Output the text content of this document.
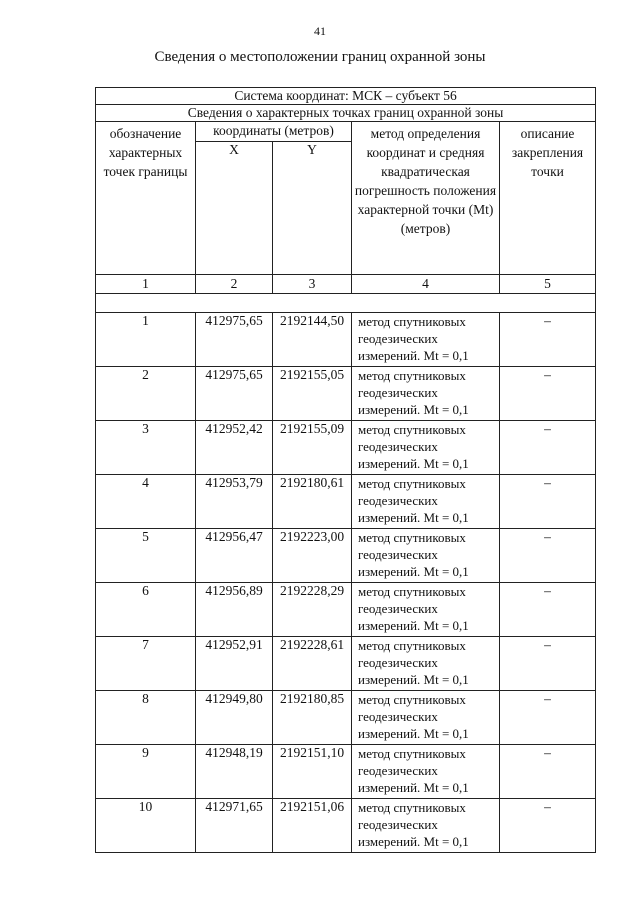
41
Сведения о местоположении границ охранной зоны
Система координат: МСК – субъект 56				
Сведения о характерных точках границ охранной зоны				
обозначение характерных точек границы	координаты (метров)		метод определения координат и средняя квадратическая погрешность положения характерной точки (Mt) (метров)	описание закрепления точки
	X	Y		
1	2	3	4	5

1	412975,65	2192144,50	метод спутниковых геодезических измерений. Mt = 0,1	–
2	412975,65	2192155,05	метод спутниковых геодезических измерений. Mt = 0,1	–
3	412952,42	2192155,09	метод спутниковых геодезических измерений. Mt = 0,1	–
4	412953,79	2192180,61	метод спутниковых геодезических измерений. Mt = 0,1	–
5	412956,47	2192223,00	метод спутниковых геодезических измерений. Mt = 0,1	–
6	412956,89	2192228,29	метод спутниковых геодезических измерений. Mt = 0,1	–
7	412952,91	2192228,61	метод спутниковых геодезических измерений. Mt = 0,1	–
8	412949,80	2192180,85	метод спутниковых геодезических измерений. Mt = 0,1	–
9	412948,19	2192151,10	метод спутниковых геодезических измерений. Mt = 0,1	–
10	412971,65	2192151,06	метод спутниковых геодезических измерений. Mt = 0,1	–
